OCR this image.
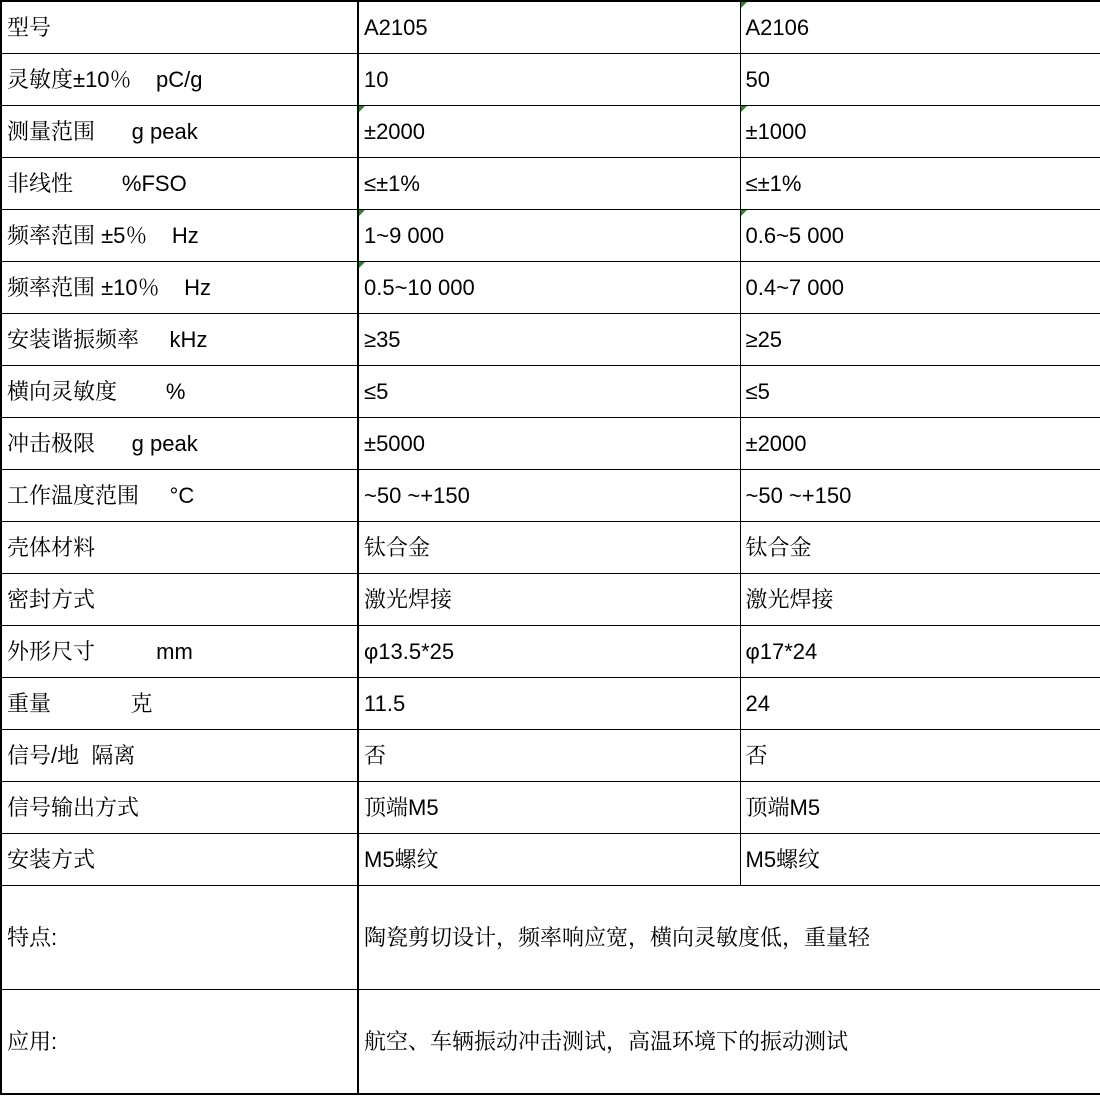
型号	A2105	A2106
灵敏度±10％    pC/g	10	50
测量范围      g peak	±2000	±1000
非线性        %FSO	≤±1%	≤±1%
频率范围 ±5％    Hz	1~9 000	0.6~5 000
频率范围 ±10％    Hz	0.5~10 000	0.4~7 000
安装谐振频率     kHz	≥35	≥25
横向灵敏度        %	≤5	≤5
冲击极限      g peak	±5000	±2000
工作温度范围     °C	~50 ~+150	~50 ~+150
壳体材料	钛合金	钛合金
密封方式	激光焊接	激光焊接
外形尺寸          mm	φ13.5*25	φ17*24
重量             克	11.5	24
信号/地  隔离	否	否
信号输出方式	顶端M5	顶端M5
安装方式	M5螺纹	M5螺纹
特点:	陶瓷剪切设计，频率响应宽，横向灵敏度低，重量轻	
应用:	航空、车辆振动冲击测试，高温环境下的振动测试	
